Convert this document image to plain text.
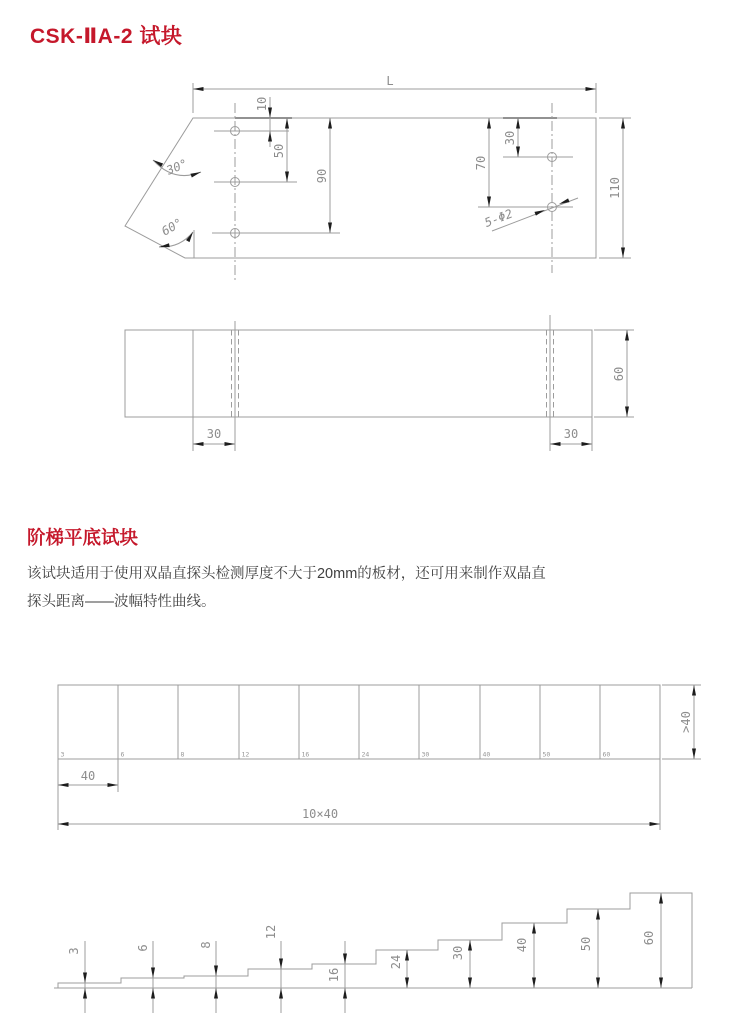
CSK-ⅡA-2 试块
L
10
50
90
30
70
110
30°
60°	5-Φ2
30	30
60
3	6	8	12	16	24	30	40	50	60
40
10×40
>40
3	6	8
12
16
24
30
40	50	60
阶梯平底试块
该试块适用于使用双晶直探头检测厚度不大于20mm的板材，还可用来制作双晶直
探头距离——波幅特性曲线。
